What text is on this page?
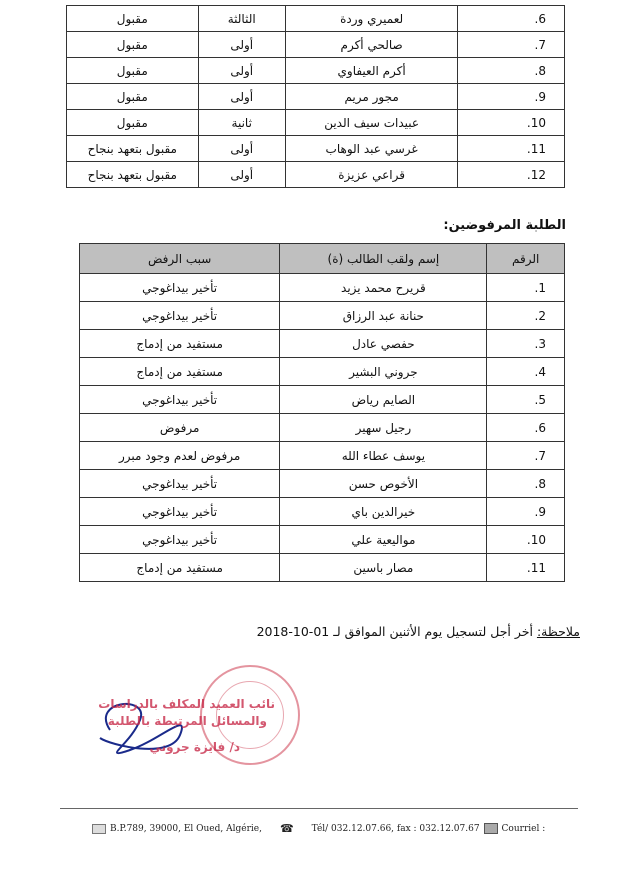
6.	لعميري وردة	الثالثة	مقبول
7.	صالحي أكرم	أولى	مقبول
8.	أكرم العيفاوي	أولى	مقبول
9.	مجور مريم	أولى	مقبول
10.	عبيدات سيف الدين	ثانية	مقبول
11.	غرسي عبد الوهاب	أولى	مقبول بتعهد بنجاح
12.	قراعي عزيزة	أولى	مقبول بتعهد بنجاح
الطلبة المرفوضين:
الرقم	إسم ولقب الطالب (ة)	سبب الرفض
1.	قريرح محمد يزيد	تأخير بيداغوجي
2.	حنانة عبد الرزاق	تأخير بيداغوجي
3.	حفصي عادل	مستفيد من إدماج
4.	جروني البشير	مستفيد من إدماج
5.	الصايم رياض	تأخير بيداغوجي
6.	رجيل سهير	مرفوض
7.	يوسف عطاء الله	مرفوض لعدم وجود مبرر
8.	الأخوص حسن	تأخير بيداغوجي
9.	خيرالدين باي	تأخير بيداغوجي
10.	مواليعية علي	تأخير بيداغوجي
11.	مصار باسين	مستفيد من إدماج
ملاحظة: أخر أجل لتسجيل يوم الأثنين الموافق لـ 01-10-2018
نائب العميد المكلف بالدراسات
والمسائل المرتبطة بالطلبة
د/ فايزة جروني
B.P.789, 39000, El Oued, Algérie, ☎ Tél/ 032.12.07.66, fax : 032.12.07.67 Courriel :
